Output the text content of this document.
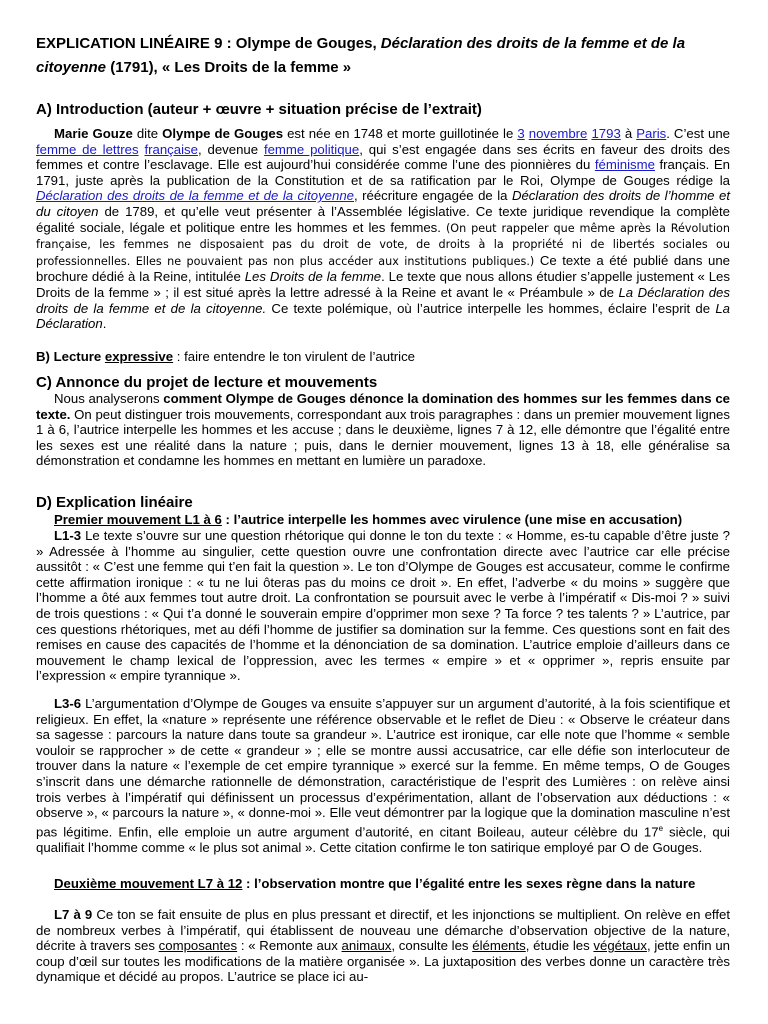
EXPLICATION LINÉAIRE 9 : Olympe de Gouges, Déclaration des droits de la femme et de la citoyenne (1791), « Les Droits de la femme »

A) Introduction (auteur + œuvre + situation précise de l’extrait)

Marie Gouze dite Olympe de Gouges est née en 1748 et morte guillotinée le 3 novembre 1793 à Paris. C’est une femme de lettres française, devenue femme politique, qui s’est engagée dans ses écrits en faveur des droits des femmes et contre l’esclavage. Elle est aujourd’hui considérée comme l’une des pionnières du féminisme français. En 1791, juste après la publication de la Constitution et de sa ratification par le Roi, Olympe de Gouges rédige la Déclaration des droits de la femme et de la citoyenne, réécriture engagée de la Déclaration des droits de l’homme et du citoyen de 1789, et qu’elle veut présenter à l’Assemblée législative. Ce texte juridique revendique la complète égalité sociale, légale et politique entre les hommes et les femmes. (On peut rappeler que même après la Révolution française, les femmes ne disposaient pas du droit de vote, de droits à la propriété ni de libertés sociales ou professionnelles. Elles ne pouvaient pas non plus accéder aux institutions publiques.) Ce texte a été publié dans une brochure dédié à la Reine, intitulée Les Droits de la femme. Le texte que nous allons étudier s’appelle justement « Les Droits de la femme » ; il est situé après la lettre adressé à la Reine et avant le « Préambule » de La Déclaration des droits de la femme et de la citoyenne. Ce texte polémique, où l’autrice interpelle les hommes, éclaire l’esprit de La Déclaration.

B) Lecture expressive : faire entendre le ton virulent de l’autrice

C) Annonce du projet de lecture et mouvements

Nous analyserons comment Olympe de Gouges dénonce la domination des hommes sur les femmes dans ce texte. On peut distinguer trois mouvements, correspondant aux trois paragraphes : dans un premier mouvement lignes 1 à 6, l’autrice interpelle les hommes et les accuse ; dans le deuxième, lignes 7 à 12, elle démontre que l’égalité entre les sexes est une réalité dans la nature ; puis, dans le dernier mouvement, lignes 13 à 18, elle généralise sa démonstration et condamne les hommes en mettant en lumière un paradoxe.

D) Explication linéaire

Premier mouvement L1 à 6 : l’autrice interpelle les hommes avec virulence (une mise en accusation)

L1-3 Le texte s’ouvre sur une question rhétorique qui donne le ton du texte : « Homme, es-tu capable d’être juste ? » Adressée à l’homme au singulier, cette question ouvre une confrontation directe avec l’autrice car elle précise aussitôt : « C’est une femme qui t’en fait la question ». Le ton d’Olympe de Gouges est accusateur, comme le confirme cette affirmation ironique : « tu ne lui ôteras pas du moins ce droit ». En effet, l’adverbe « du moins » suggère que l’homme a ôté aux femmes tout autre droit. La confrontation se poursuit avec le verbe à l’impératif « Dis-moi ? » suivi de trois questions : « Qui t’a donné le souverain empire d’opprimer mon sexe ? Ta force ? tes talents ? » L’autrice, par ces questions rhétoriques, met au défi l’homme de justifier sa domination sur la femme. Ces questions sont en fait des remises en cause des capacités de l’homme et la dénonciation de sa domination. L’autrice emploie d’ailleurs dans ce mouvement le champ lexical de l’oppression, avec les termes « empire » et « opprimer », repris ensuite par l’expression « empire tyrannique ».

L3-6 L’argumentation d’Olympe de Gouges va ensuite s’appuyer sur un argument d’autorité, à la fois scientifique et religieux. En effet, la «nature » représente une référence observable et le reflet de Dieu : « Observe le créateur dans sa sagesse : parcours la nature dans toute sa grandeur ». L’autrice est ironique, car elle note que l’homme « semble vouloir se rapprocher » de cette « grandeur » ; elle se montre aussi accusatrice, car elle défie son interlocuteur de trouver dans la nature « l’exemple de cet empire tyrannique » exercé sur la femme. En même temps, O de Gouges s’inscrit dans une démarche rationnelle de démonstration, caractéristique de l’esprit des Lumières : on relève ainsi trois verbes à l’impératif qui définissent un processus d’expérimentation, allant de l’observation aux déductions : « observe », « parcours la nature », « donne-moi ». Elle veut démontrer par la logique que la domination masculine n’est pas légitime. Enfin, elle emploie un autre argument d’autorité, en citant Boileau, auteur célèbre du 17e siècle, qui qualifiait l’homme comme « le plus sot animal ». Cette citation confirme le ton satirique employé par O de Gouges.

Deuxième mouvement L7 à 12 : l’observation montre que l’égalité entre les sexes règne dans la nature

L7 à 9 Ce ton se fait ensuite de plus en plus pressant et directif, et les injonctions se multiplient. On relève en effet de nombreux verbes à l’impératif, qui établissent de nouveau une démarche d’observation objective de la nature, décrite à travers ses composantes : « Remonte aux animaux, consulte les éléments, étudie les végétaux, jette enfin un coup d’œil sur toutes les modifications de la matière organisée ». La juxtaposition des verbes donne un caractère très dynamique et décidé au propos. L’autrice se place ici au-
